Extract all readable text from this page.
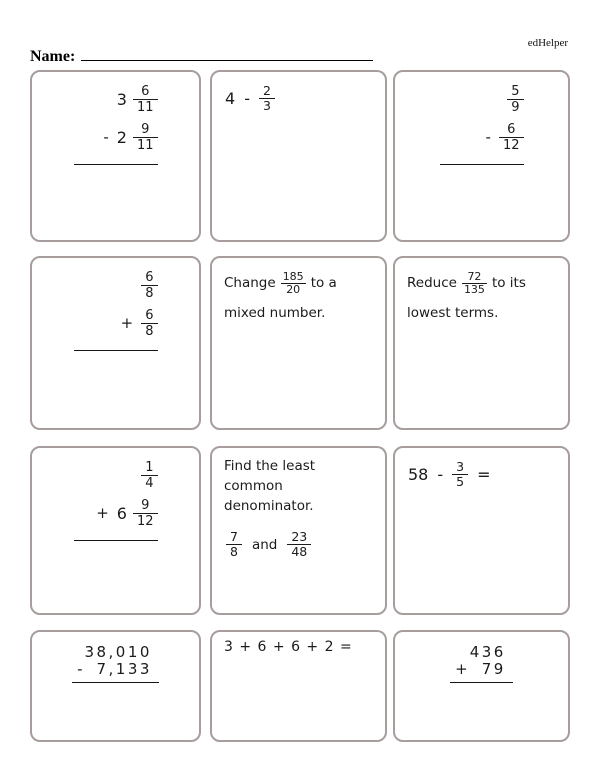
edHelper
Name:
$3 \frac{6}{11}$
- $2 \frac{9}{11}$
$4 - \frac{2}{3}$	$\frac{5}{9}$
- $\frac{6}{12}$
$\frac{6}{8}$
+ $\frac{6}{8}$
Change $\frac{185}{20}$ to a mixed number.
Reduce $\frac{72}{135}$ to its lowest terms.
$\frac{1}{4}$
+ $6 \frac{9}{12}$
Find the least common denominator.
$\frac{7}{8}$ and $\frac{23}{48}$
$58 - \frac{3}{5}$ =
38,010
- 7,133
3 + 6 + 6 + 2 =	436
+ 79
